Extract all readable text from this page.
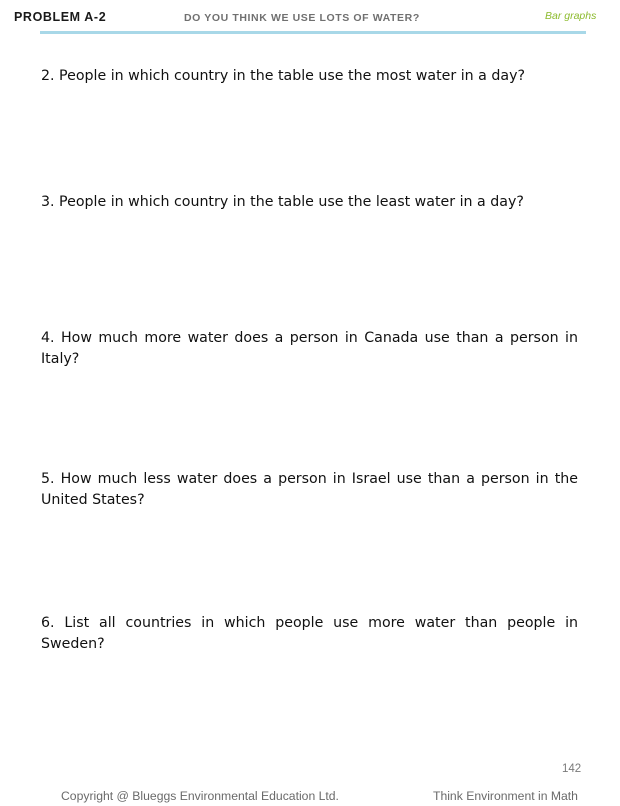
PROBLEM A-2	DO YOU THINK WE USE LOTS OF WATER?	Bar graphs
2. People in which country in the table use the most water in a day?
3. People in which country in the table use the least water in a day?
4. How much more water does a person in Canada use than a person in Italy?
5. How much less water does a person in Israel use than a person in the United States?
6. List all countries in which people use more water than people in Sweden?
142
Copyright @ Blueggs Environmental Education Ltd.	Think Environment in Math
